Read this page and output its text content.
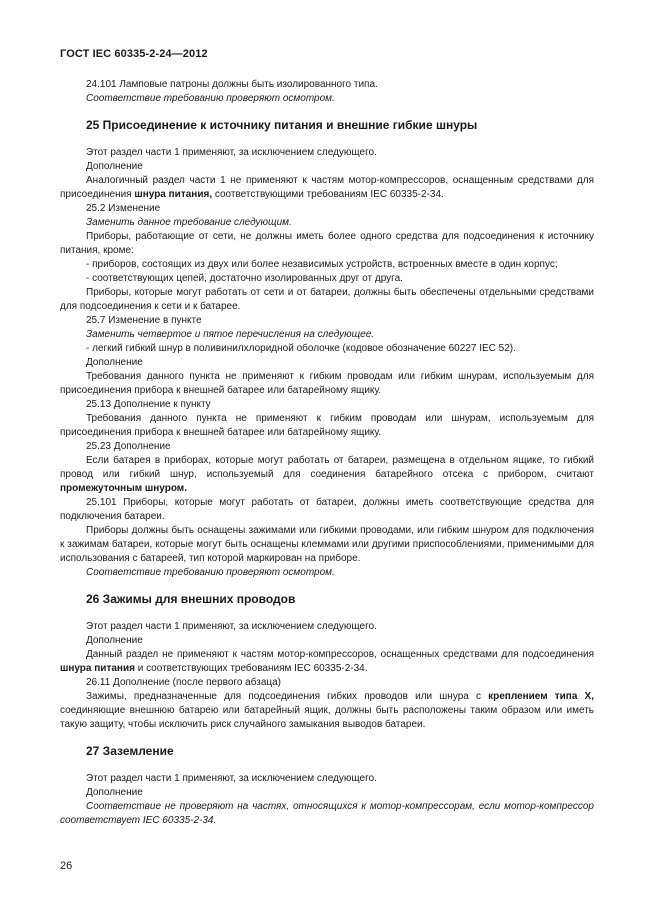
ГОСТ IEC 60335-2-24—2012

24.101 Ламповые патроны должны быть изолированного типа.

Соответствие требованию проверяют осмотром.

25 Присоединение к источнику питания и внешние гибкие шнуры

Этот раздел части 1 применяют, за исключением следующего.

Дополнение

Аналогичный раздел части 1 не применяют к частям мотор-компрессоров, оснащенным средствами для присоединения шнура питания, соответствующими требованиям IEC 60335-2-34.

25.2 Изменение

Заменить данное требование следующим.

Приборы, работающие от сети, не должны иметь более одного средства для подсоединения к источнику питания, кроме:

- приборов, состоящих из двух или более независимых устройств, встроенных вместе в один корпус;

- соответствующих цепей, достаточно изолированных друг от друга.

Приборы, которые могут работать от сети и от батареи, должны быть обеспечены отдельными средствами для подсоединения к сети и к батарее.

25.7 Изменение в пункте

Заменить четвертое и пятое перечисления на следующее.

- легкий гибкий шнур в поливинилхлоридной оболочке (кодовое обозначение 60227 IEC 52).

Дополнение

Требования данного пункта не применяют к гибким проводам или гибким шнурам, используемым для присоединения прибора к внешней батарее или батарейному ящику.

25.13 Дополнение к пункту

Требования данного пункта не применяют к гибким проводам или шнурам, используемым для присоединения прибора к внешней батарее или батарейному ящику.

25.23 Дополнение

Если батарея в приборах, которые могут работать от батареи, размещена в отдельном ящике, то гибкий провод или гибкий шнур, используемый для соединения батарейного отсека с прибором, считают промежуточным шнуром.

25.101 Приборы, которые могут работать от батареи, должны иметь соответствующие средства для подключения батареи.

Приборы должны быть оснащены зажимами или гибкими проводами, или гибким шнуром для подключения к зажимам батареи, которые могут быть оснащены клеммами или другими приспособлениями, применимыми для использования с батареей, тип которой маркирован на приборе.

Соответствие требованию проверяют осмотром.

26 Зажимы для внешних проводов

Этот раздел части 1 применяют, за исключением следующего.

Дополнение

Данный раздел не применяют к частям мотор-компрессоров, оснащенных средствами для подсоединения шнура питания и соответствующих требованиям IEC 60335-2-34.

26.11 Дополнение (после первого абзаца)

Зажимы, предназначенные для подсоединения гибких проводов или шнура с креплением типа X, соединяющие внешнюю батарею или батарейный ящик, должны быть расположены таким образом или иметь такую защиту, чтобы исключить риск случайного замыкания выводов батареи.

27 Заземление

Этот раздел части 1 применяют, за исключением следующего.

Дополнение

Соответствие не проверяют на частях, относящихся к мотор-компрессорам, если мотор-компрессор соответствует IEC 60335-2-34.

26
